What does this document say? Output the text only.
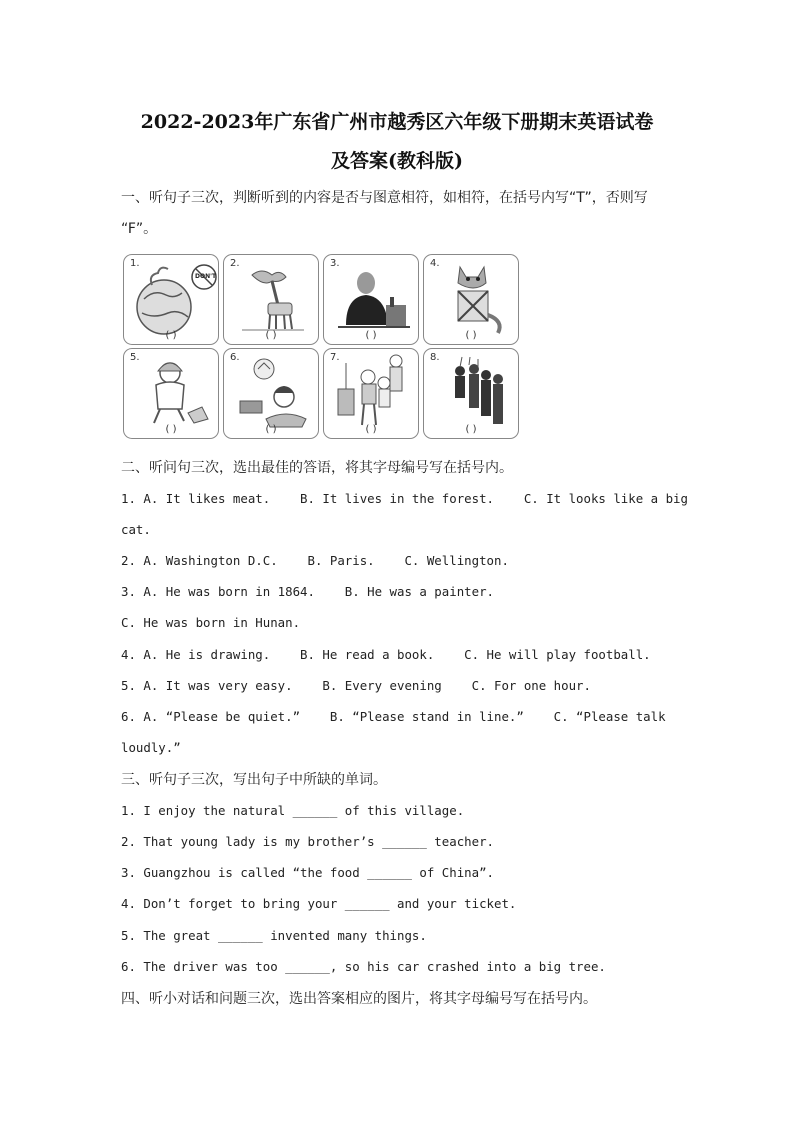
2022-2023年广东省广州市越秀区六年级下册期末英语试卷
及答案(教科版)
一、听句子三次，判断听到的内容是否与图意相符，如相符，在括号内写“T”，否则写
“F”。
1.
DON'T
( )
2.
( )
3.
( )
4.
( )
5.
( )
6.
( )
7.
( )
8.
( )
二、听问句三次，选出最佳的答语，将其字母编号写在括号内。
1. A. It likes meat.    B. It lives in the forest.    C. It looks like a big
cat.
2. A. Washington D.C.    B. Paris.    C. Wellington.
3. A. He was born in 1864.    B. He was a painter.
C. He was born in Hunan.
4. A. He is drawing.    B. He read a book.    C. He will play football.
5. A. It was very easy.    B. Every evening    C. For one hour.
6. A. “Please be quiet.”    B. “Please stand in line.”    C. “Please talk
loudly.”
三、听句子三次，写出句子中所缺的单词。
1. I enjoy the natural ______ of this village.
2. That young lady is my brother’s ______ teacher.
3. Guangzhou is called “the food ______ of China”.
4. Don’t forget to bring your ______ and your ticket.
5. The great ______ invented many things.
6. The driver was too ______, so his car crashed into a big tree.
四、听小对话和问题三次，选出答案相应的图片，将其字母编号写在括号内。
